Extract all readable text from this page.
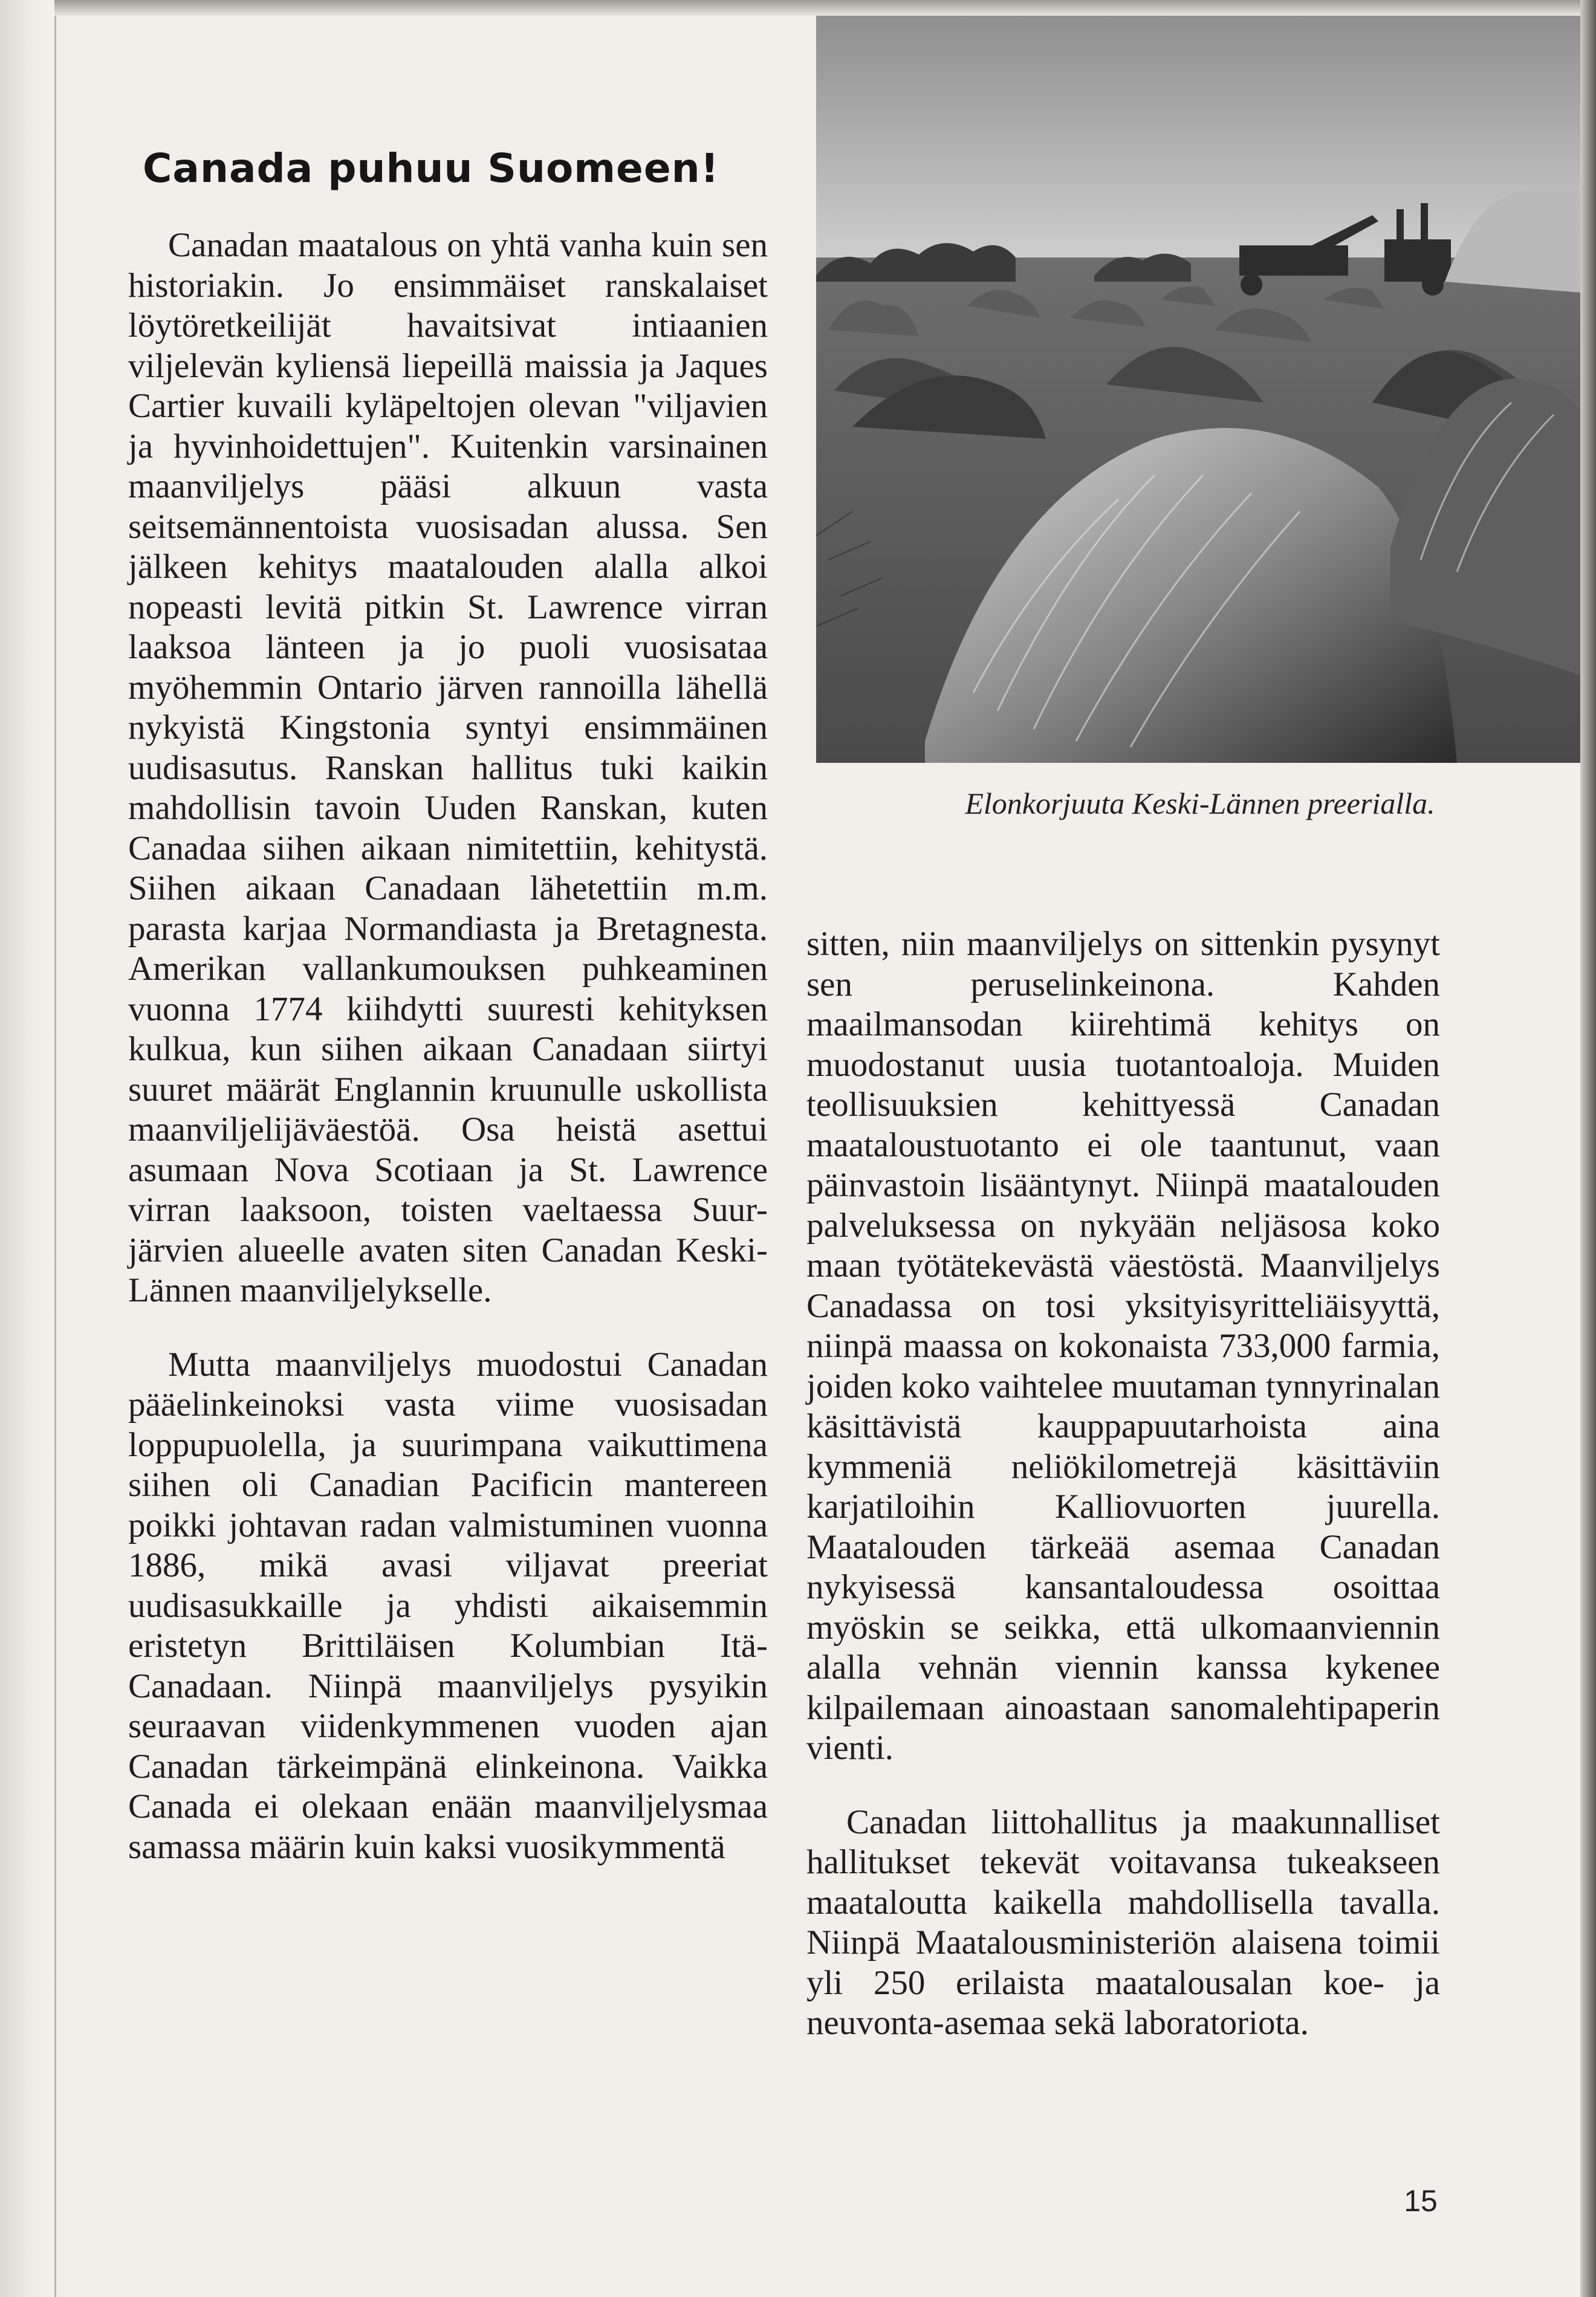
Canada puhuu Suomeen!

Canadan maatalous on yhtä vanha kuin sen historiakin. Jo ensimmäiset ranskalaiset löytöretkeilijät havaitsivat intiaanien viljelevän kyliensä liepeillä maissia ja Jaques Cartier kuvaili kyläpeltojen olevan "viljavien ja hyvinhoidettujen". Kuitenkin varsinainen maanviljelys pääsi alkuun vasta seitsemännentoista vuosisadan alussa. Sen jälkeen kehitys maatalouden alalla alkoi nopeasti levitä pitkin St. Lawrence virran laaksoa länteen ja jo puoli vuosisataa myöhemmin Ontario järven rannoilla lähellä nykyistä Kingstonia syntyi ensimmäinen uudisasutus. Ranskan hallitus tuki kaikin mahdollisin tavoin Uuden Ranskan, kuten Canadaa siihen aikaan nimitettiin, kehitystä. Siihen aikaan Canadaan lähetettiin m.m. parasta karjaa Normandiasta ja Bretagnesta. Amerikan vallankumouksen puhkeaminen vuonna 1774 kiihdytti suuresti kehityksen kulkua, kun siihen aikaan Canadaan siirtyi suuret määrät Englannin kruunulle uskollista maanviljelijäväestöä. Osa heistä asettui asumaan Nova Scotiaan ja St. Lawrence virran laaksoon, toisten vaeltaessa Suur-järvien alueelle avaten siten Canadan Keski-Lännen maanviljelykselle.

Mutta maanviljelys muodostui Canadan pääelinkeinoksi vasta viime vuosisadan loppupuolella, ja suurimpana vaikuttimena siihen oli Canadian Pacificin mantereen poikki johtavan radan valmistuminen vuonna 1886, mikä avasi viljavat preeriat uudisasukkaille ja yhdisti aikaisemmin eristetyn Brittiläisen Kolumbian Itä-Canadaan. Niinpä maanviljelys pysyikin seuraavan viidenkymmenen vuoden ajan Canadan tärkeimpänä elinkeinona. Vaikka Canada ei olekaan enään maanviljelysmaa samassa määrin kuin kaksi vuosikymmentä

Elonkorjuuta Keski-Lännen preerialla.

sitten, niin maanviljelys on sittenkin pysynyt sen peruselinkeinona. Kahden maailmansodan kiirehtimä kehitys on muodostanut uusia tuotantoaloja. Muiden teollisuuksien kehittyessä Canadan maataloustuotanto ei ole taantunut, vaan päinvastoin lisääntynyt. Niinpä maatalouden palveluksessa on nykyään neljäsosa koko maan työtätekevästä väestöstä. Maanviljelys Canadassa on tosi yksityisyritteliäisyyttä, niinpä maassa on kokonaista 733,000 farmia, joiden koko vaihtelee muutaman tynnyrinalan käsittävistä kauppapuutarhoista aina kymmeniä neliökilometrejä käsittäviin karjatiloihin Kalliovuorten juurella. Maatalouden tärkeää asemaa Canadan nykyisessä kansantaloudessa osoittaa myöskin se seikka, että ulkomaanviennin alalla vehnän viennin kanssa kykenee kilpailemaan ainoastaan sanomalehtipaperin vienti.

Canadan liittohallitus ja maakunnalliset hallitukset tekevät voitavansa tukeakseen maataloutta kaikella mahdollisella tavalla. Niinpä Maatalousministeriön alaisena toimii yli 250 erilaista maatalousalan koe- ja neuvonta-asemaa sekä laboratoriota.

15
